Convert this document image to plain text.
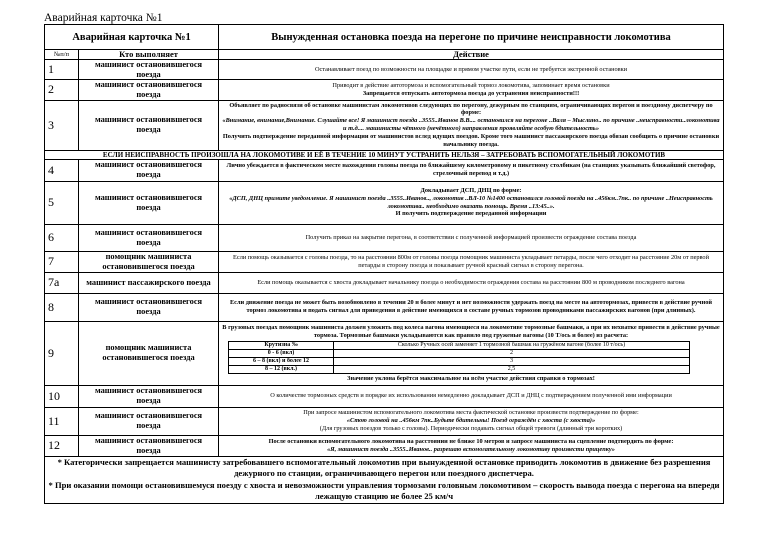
Аварийная карточка №1
Аварийная карточка №1	Вынужденная остановка поезда на перегоне по причине неисправности локомотива
№п/п	Кто выполняет	Действие
1	машинист остановившегося поезда	
Останавливает поезд по возможности на площадке и прямом участке пути, если не требуется экстренной остановки

2	машинист остановившегося поезда	
Приводит в действие автотормоза и вспомогательный тормоз локомотива, запоминает время остановки
Запрещается отпускать автотормоза поезда до устранения неисправности!!!

3	машинист остановившегося поезда	
Объявляет по радиосвязи об остановке машинистам локомотивов следующих по перегону, дежурным по станциям, ограничивающих перегон и поездному диспетчеру по форме:
«Внимание, внимание,Внимание. Слушайте все! Я машинист поезда ..3555..Иванов В.В.... остановился на перегоне ..Валя – Мыслино.. по причине ..неисправности..локомотива и т.д.... машинисты чётного (нечётного) направления проявляйте особую бдительность»
Получить подтверждение переданной информации от машинистов вслед идущих поездов. Кроме того машинист пассажирского поезда обязан сообщить о причине остановки начальнику поезда.

ЕСЛИ НЕИСПРАВНОСТЬ ПРОИЗОШЛА НА ЛОКОМОТИВЕ И ЕЁ В ТЕЧЕНИЕ 10 МИНУТ УСТРАНИТЬ НЕЛЬЗЯ – ЗАТРЕБОВАТЬ ВСПОМОГАТЕЛЬНЫЙ ЛОКОМОТИВ
4	машинист остановившегося поезда	
Лично убеждается в фактическом месте нахождения головы поезда по ближайшему километровому и пикетному столбикам (на станциях указывать ближайший светофор, стрелочный перевод и т.д.)

5	машинист остановившегося поезда	
Докладывает ДСП, ДНЦ по форме:
«ДСП, ДНЦ примите уведомление. Я машинист поезда ..3555..Иванов.., локомотив ..ВЛ-10 №1400 остановился головой поезда на ..456км..7пк.. по причине ..Неисправность локомотива.. необходимо оказать помощь. Время ..13:45..».
И получить подтверждение переданной информации

6	машинист остановившегося поезда	
Получить приказ на закрытие перегона, в соответствии с полученной информацией произвести ограждение состава поезда

7	помощник машиниста остановившегося поезда	
Если помощь оказывается с головы поезда, то на расстоянии 800м от головы поезда помощник машиниста укладывает петарды, после чего отходит на расстояние 20м от первой петарды в сторону поезда и показывает ручной красный сигнал в сторону перегона.

7а	машинист пассажирского поезда	Если помощь оказывается с хвоста докладывает начальнику поезда о необходимости ограждения состава на расстоянии 800 м проводником последнего вагона

8	машинист остановившегося поезда	
Если движение поезда не может быть возобновлено в течении 20 н более минут и нет возможности удержать поезд на месте на автотормозах, привести в действие ручной тормоз локомотива и подать сигнал для приведения в действие имеющихся в составе ручных тормозов проводниками пассажирских вагонов (при длинных).

9	помощник машиниста остановившегося поезда	
В грузовых поездах помощник машиниста должен уложить под колеса вагона имеющиеся на локомотиве тормозные башмаки, а при их нехватке привести в действие ручные тормоза. Тормозные башмаки укладываются как правило под груженые вагоны (10 Т/ось и более) из расчета:
Крутизна ‰	Сколько Ручных осей заменяет 1 тормозной башмак на гружёном вагоне (более 10 т/ось)
0 - 6 (вкл)	2
6 – 8 (вкл) и более 12	3
8 – 12 (вкл.)	2,5
Значение уклона берётся максимальное на всём участке действия справки о тормозах!

10	машинист остановившегося поезда	
О количестве тормозных средств и порядке их использования немедленно докладывает ДСП и ДНЦ с подтверждением полученной ими информации

11	машинист остановившегося поезда	
При запросе машинистом вспомогательного локомотива места фактической остановке произвести подтверждение по форме:
«Стою головой на ..456км 7пк..Будьте бдительны! Поезд ограждён с хвоста (с хвоста)»
(Для грузовых поездов только с головы). Периодически подавать сигнал общей тревоги (длинный три коротких)

12	машинист остановившегося поезда	
После остановки вспомогательного локомотива на расстоянии не ближе 10 метров и запросе машиниста на сцепление подтвердить по форме:
«Я, машинист поезда ..3555..Иванов.. разрешаю вспомогательному локомотиву произвести прицепку»

* Категорически запрещается машинисту затребовавшего вспомогательный локомотив при вынужденной остановке приводить локомотив в движение без разрешения дежурного по станции, ограничивающего перегон или поездного диспетчера.
* При оказании помощи остановившемуся поезду с хвоста и невозможности управления тормозами головным локомотивом – скорость вывода поезда с перегона на впереди лежащую станцию не более 25 км/ч
